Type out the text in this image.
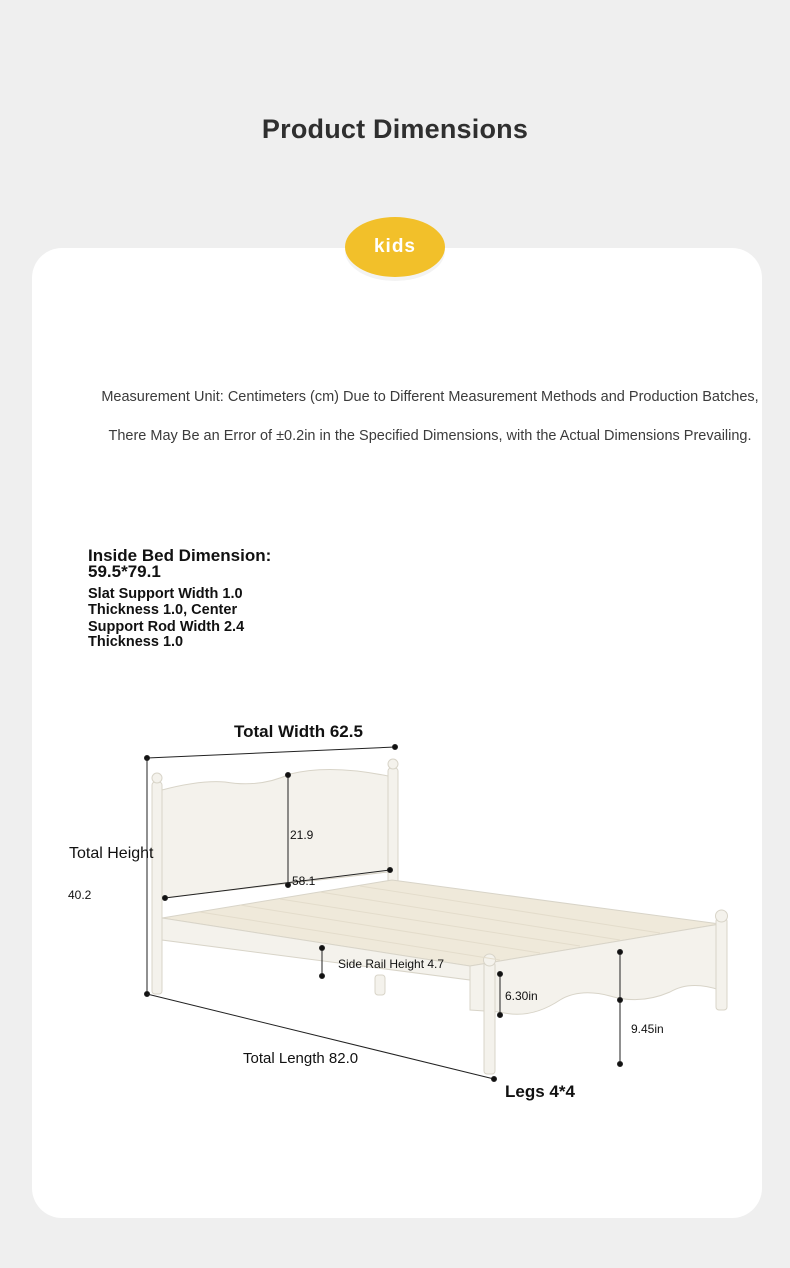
Product Dimensions
kids
Measurement Unit: Centimeters (cm) Due to Different Measurement Methods and Production Batches,
There May Be an Error of ±0.2in in the Specified Dimensions, with the Actual Dimensions Prevailing.
Inside Bed Dimension:
59.5*79.1
Slat Support Width 1.0
Thickness 1.0, Center
Support Rod Width 2.4
Thickness 1.0
Total Width 62.5
Total Height
40.2
21.9
58.1
Side Rail Height 4.7
6.30in
9.45in
Total Length 82.0
Legs 4*4
